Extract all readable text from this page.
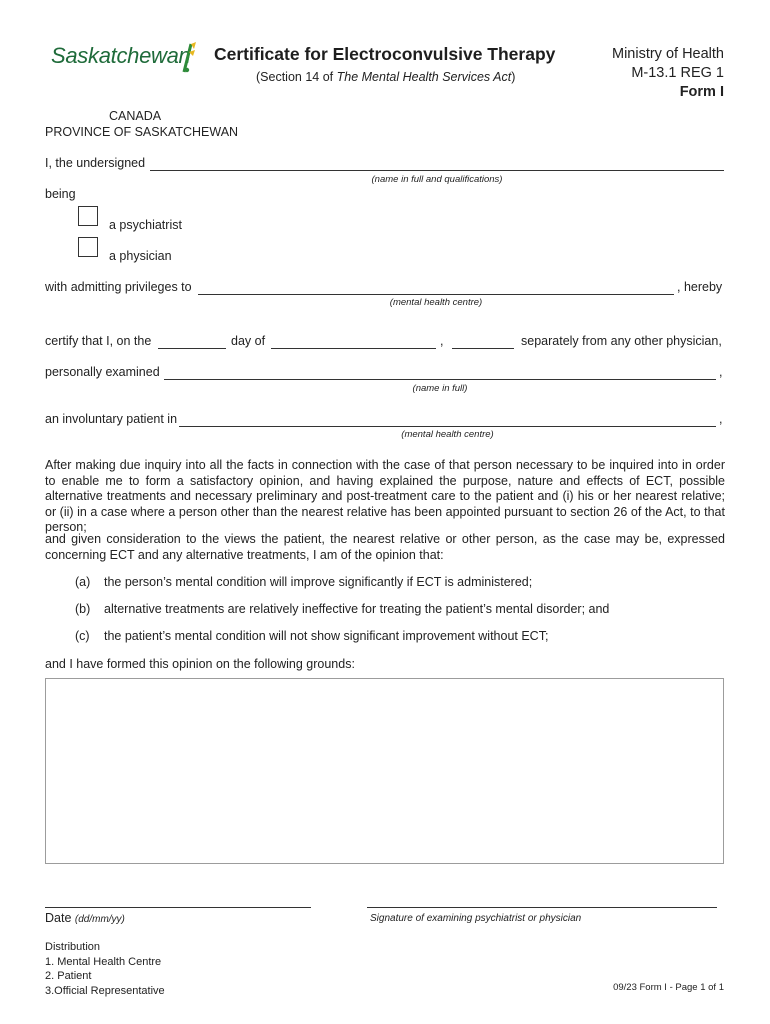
Saskatchewan Certificate for Electroconvulsive Therapy
(Section 14 of The Mental Health Services Act)
Ministry of Health
M-13.1 REG 1
Form I
CANADA
PROVINCE OF SASKATCHEWAN
I, the undersigned
(name in full and qualifications)
being
a psychiatrist
a physician
with admitting privileges to	, hereby
(mental health centre)
certify that I, on the	day of	,	separately from any other physician,
personally examined	,
(name in full)
an involuntary patient in	,
(mental health centre)
After making due inquiry into all the facts in connection with the case of that person necessary to be inquired into in order to enable me to form a satisfactory opinion, and having explained the purpose, nature and effects of ECT, possible alternative treatments and necessary preliminary and post-treatment care to the patient and (i) his or her nearest relative; or (ii) in a case where a person other than the nearest relative has been appointed pursuant to section 26 of the Act, to that person;
and given consideration to the views the patient, the nearest relative or other person, as the case may be, expressed concerning ECT and any alternative treatments, I am of the opinion that:
(a) the person’s mental condition will improve significantly if ECT is administered;
(b) alternative treatments are relatively ineffective for treating the patient’s mental disorder; and
(c) the patient’s mental condition will not show significant improvement without ECT;
and I have formed this opinion on the following grounds:
Date (dd/mm/yy)	Signature of examining psychiatrist or physician
Distribution
1. Mental Health Centre
2. Patient
3.Official Representative	09/23 Form I - Page 1 of 1
